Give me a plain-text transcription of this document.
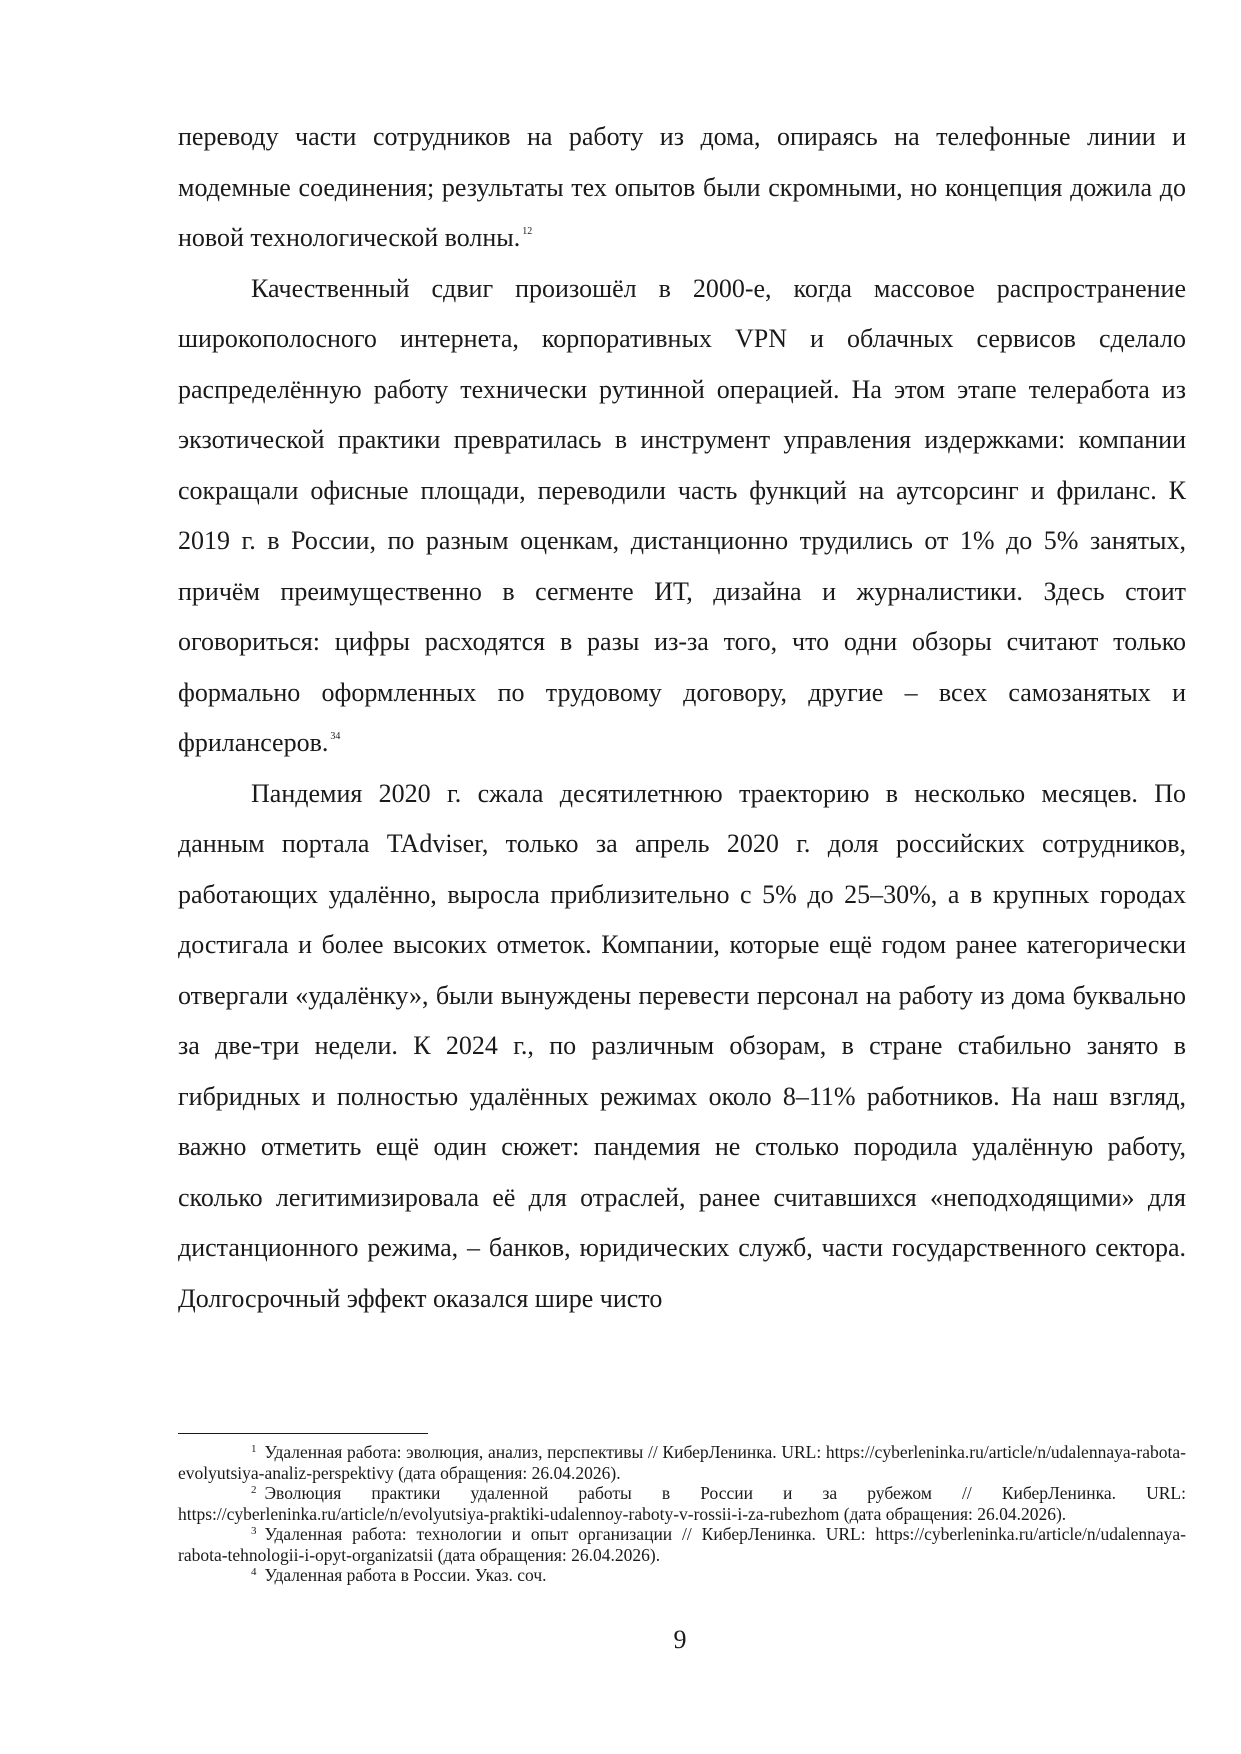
переводу части сотрудников на работу из дома, опираясь на телефонные линии и модемные соединения; результаты тех опытов были скромными, но концепция дожила до новой технологической волны. $^{12}$

Качественный сдвиг произошёл в 2000-е, когда массовое распространение широкополосного интернета, корпоративных VPN и облачных сервисов сделало распределённую работу технически рутинной операцией. На этом этапе телеработа из экзотической практики превратилась в инструмент управления издержками: компании сокращали офисные площади, переводили часть функций на аутсорсинг и фриланс. К 2019 г. в России, по разным оценкам, дистанционно трудились от 1% до 5% занятых, причём преимущественно в сегменте ИТ, дизайна и журналистики. Здесь стоит оговориться: цифры расходятся в разы из-за того, что одни обзоры считают только формально оформленных по трудовому договору, другие – всех самозанятых и фрилансеров. $^{34}$

Пандемия 2020 г. сжала десятилетнюю траекторию в несколько месяцев. По данным портала TAdviser, только за апрель 2020 г. доля российских сотрудников, работающих удалённо, выросла приблизительно с 5% до 25–30%, а в крупных городах достигала и более высоких отметок. Компании, которые ещё годом ранее категорически отвергали «удалёнку», были вынуждены перевести персонал на работу из дома буквально за две-три недели. К 2024 г., по различным обзорам, в стране стабильно занято в гибридных и полностью удалённых режимах около 8–11% работников. На наш взгляд, важно отметить ещё один сюжет: пандемия не столько породила удалённую работу, сколько легитимизировала её для отраслей, ранее считавшихся «неподходящими» для дистанционного режима, – банков, юридических служб, части государственного сектора. Долгосрочный эффект оказался шире чисто

$^1$ Удаленная работа: эволюция, анализ, перспективы // КиберЛенинка. URL: https://cyberleninka.ru/article/n/udalennaya-rabota-evolyutsiya-analiz-perspektivy (дата обращения: 26.04.2026).

$^2$ Эволюция практики удаленной работы в России и за рубежом // КиберЛенинка. URL: https://cyberleninka.ru/article/n/evolyutsiya-praktiki-udalennoy-raboty-v-rossii-i-za-rubezhom (дата обращения: 26.04.2026).

$^3$ Удаленная работа: технологии и опыт организации // КиберЛенинка. URL: https://cyberleninka.ru/article/n/udalennaya-rabota-tehnologii-i-opyt-organizatsii (дата обращения: 26.04.2026).

$^4$ Удаленная работа в России. Указ. соч.

9
